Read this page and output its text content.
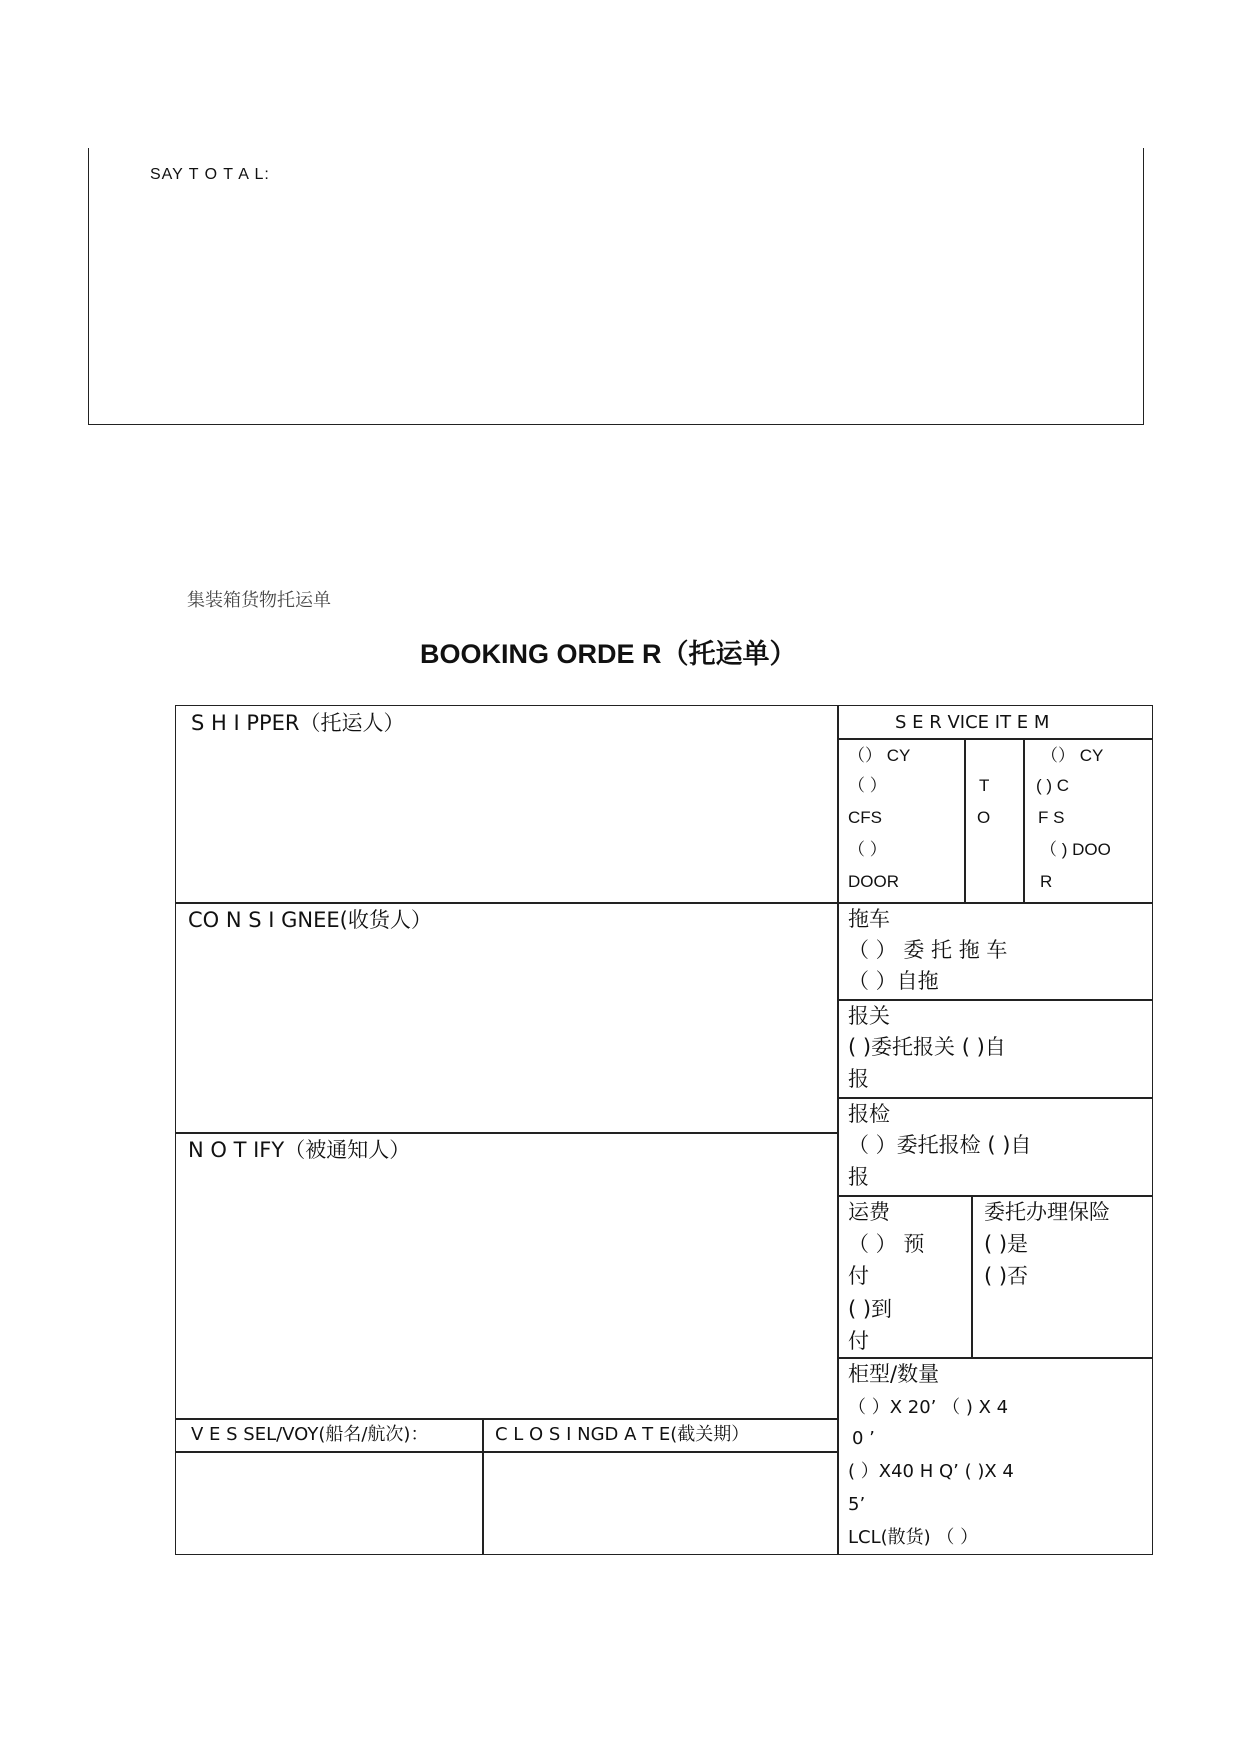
SAY T O T A L:
集装箱货物托运单
BOOKING ORDE R（托运单）
S H I PPER（托运人）
CO N S I GNEE(收货人）
N O T IFY（被通知人）
V E S SEL/VOY(船名/航次)：	C L O S I NGD A T E(截关期）
S E R VICE IT E M
（） CY
（ ）
CFS
（ ）
DOOR
T
O
（） CY
( ) C
F S
（ ) DOO
R
拖车
（ ） 委 托 拖 车
（ ）自拖
报关
( )委托报关 ( )自
报
报检
（ ）委托报检 ( )自
报
运费
（ ） 预
付
( )到
付
委托办理保险
( )是
( )否
柜型/数量
（ ）X 20’ （ ) X 4
0 ’
( ）X40 H Q’ ( )X 4
5’
LCL(散货) （ ）
